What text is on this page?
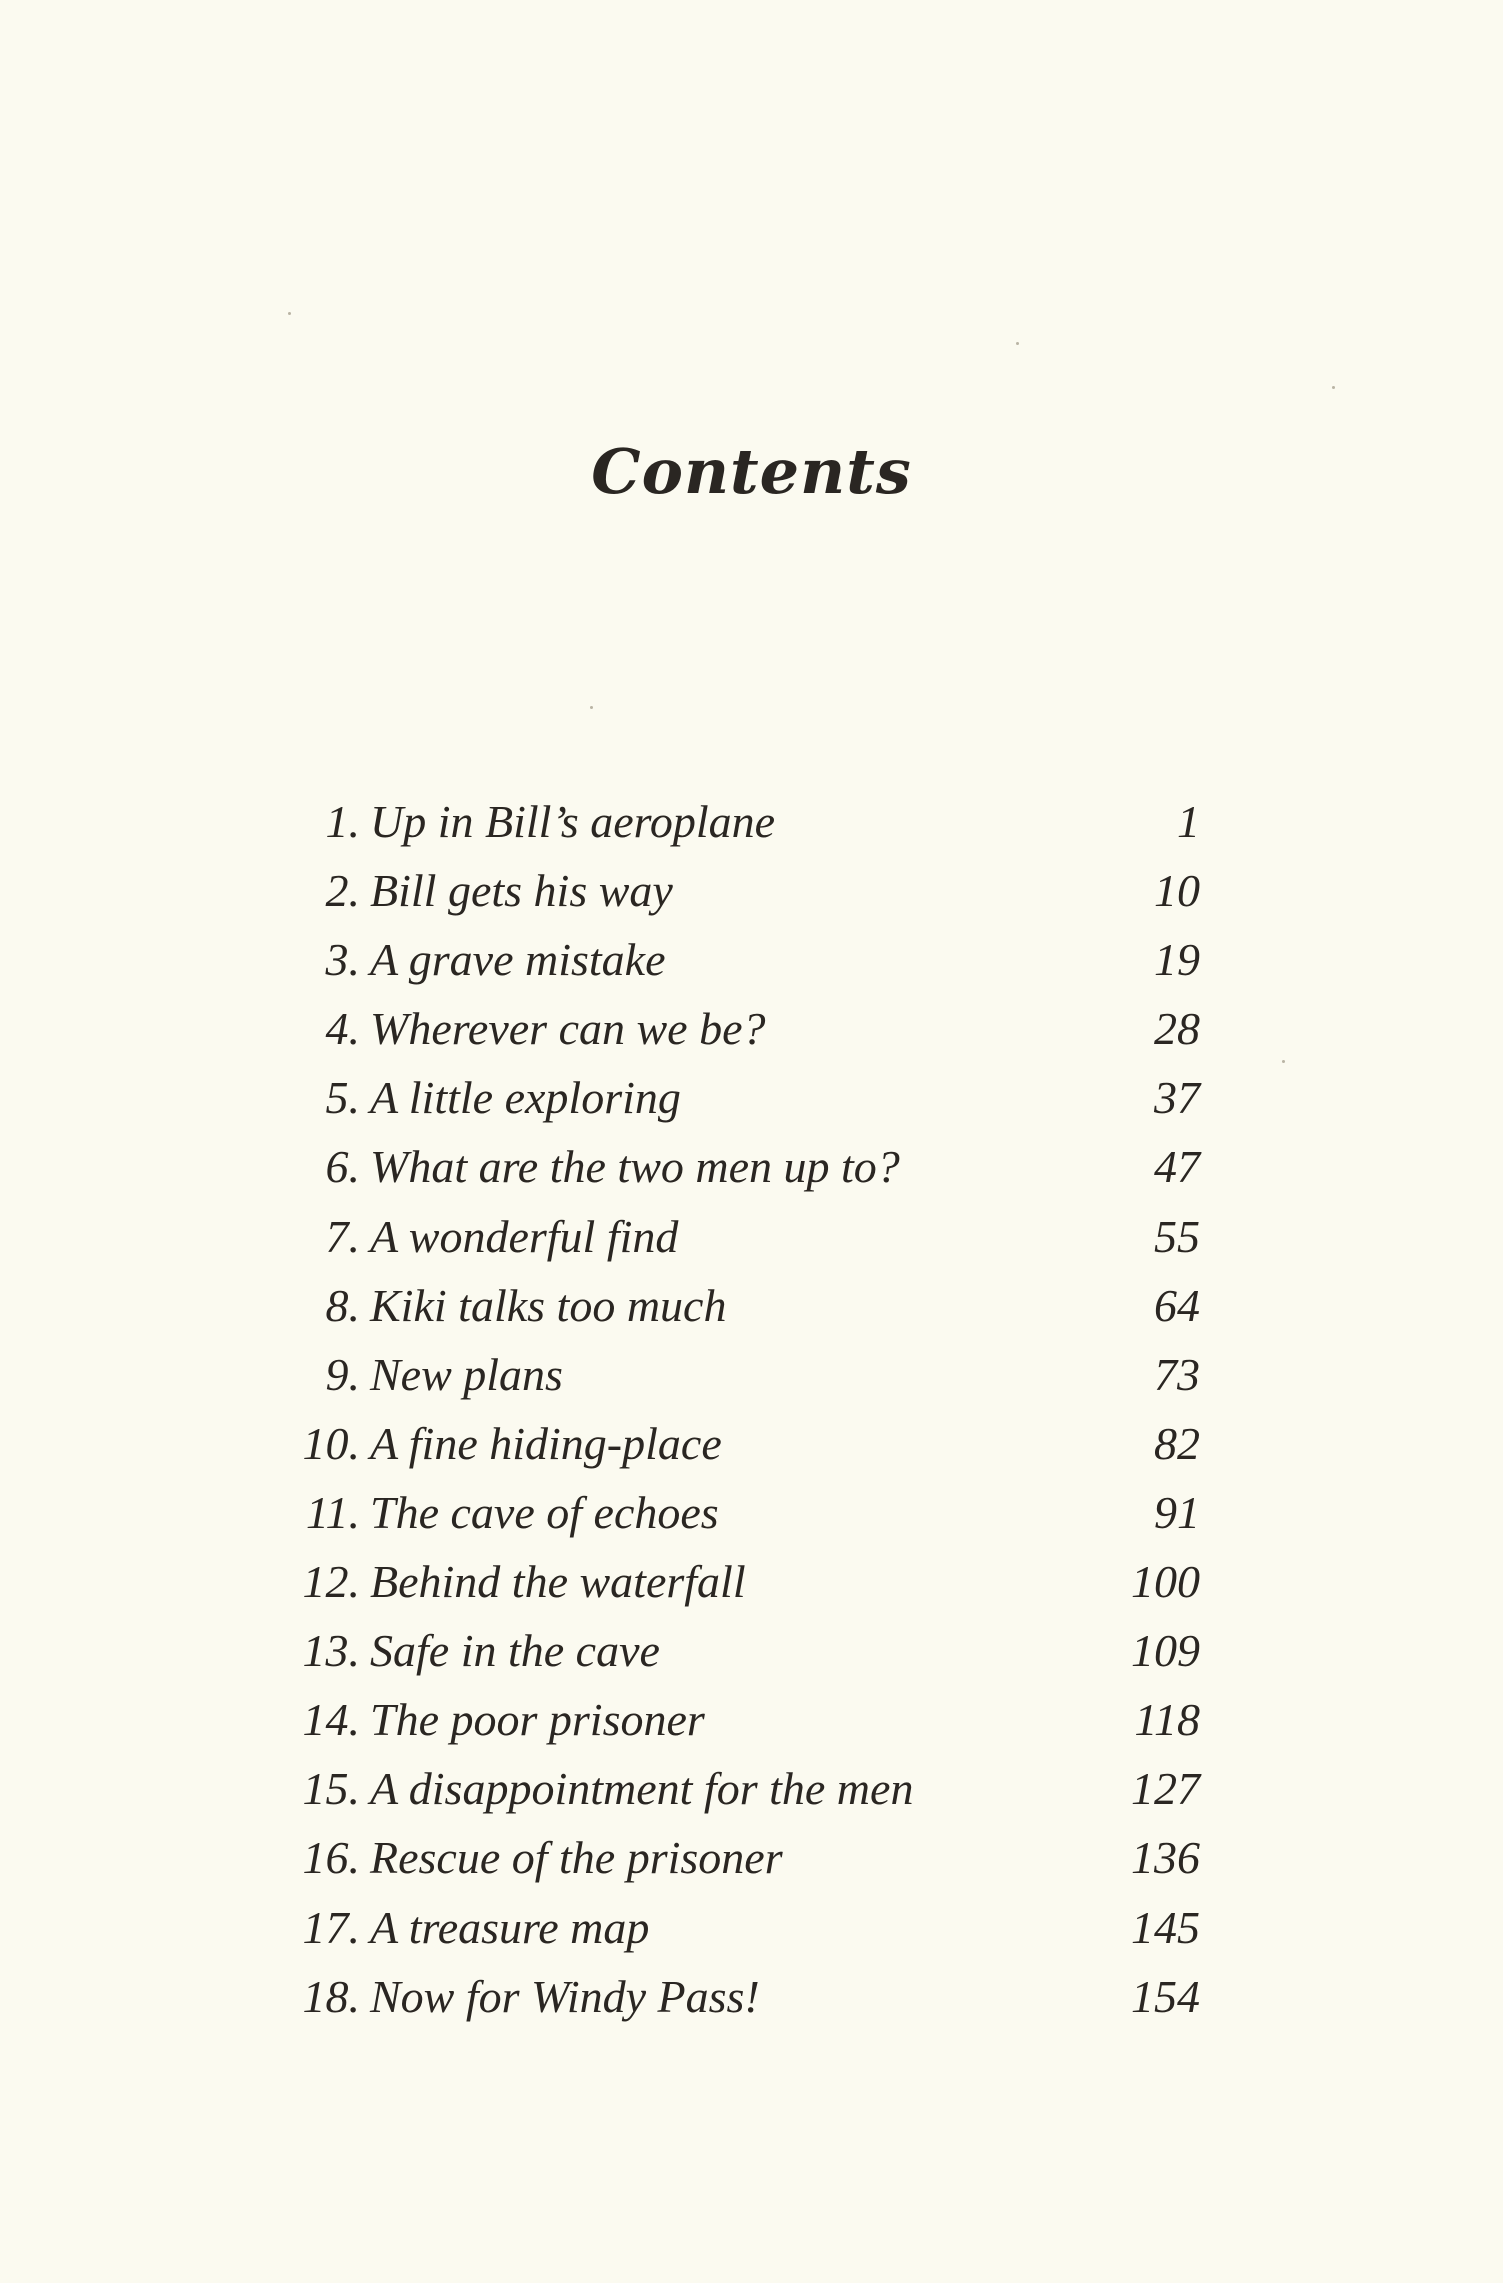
Contents
1. Up in Bill’s aeroplane	1
2. Bill gets his way	10
3. A grave mistake	19
4. Wherever can we be?	28
5. A little exploring	37
6. What are the two men up to?	47
7. A wonderful find	55
8. Kiki talks too much	64
9. New plans	73
10. A fine hiding-place	82
11. The cave of echoes	91
12. Behind the waterfall	100
13. Safe in the cave	109
14. The poor prisoner	118
15. A disappointment for the men	127
16. Rescue of the prisoner	136
17. A treasure map	145
18. Now for Windy Pass!	154
